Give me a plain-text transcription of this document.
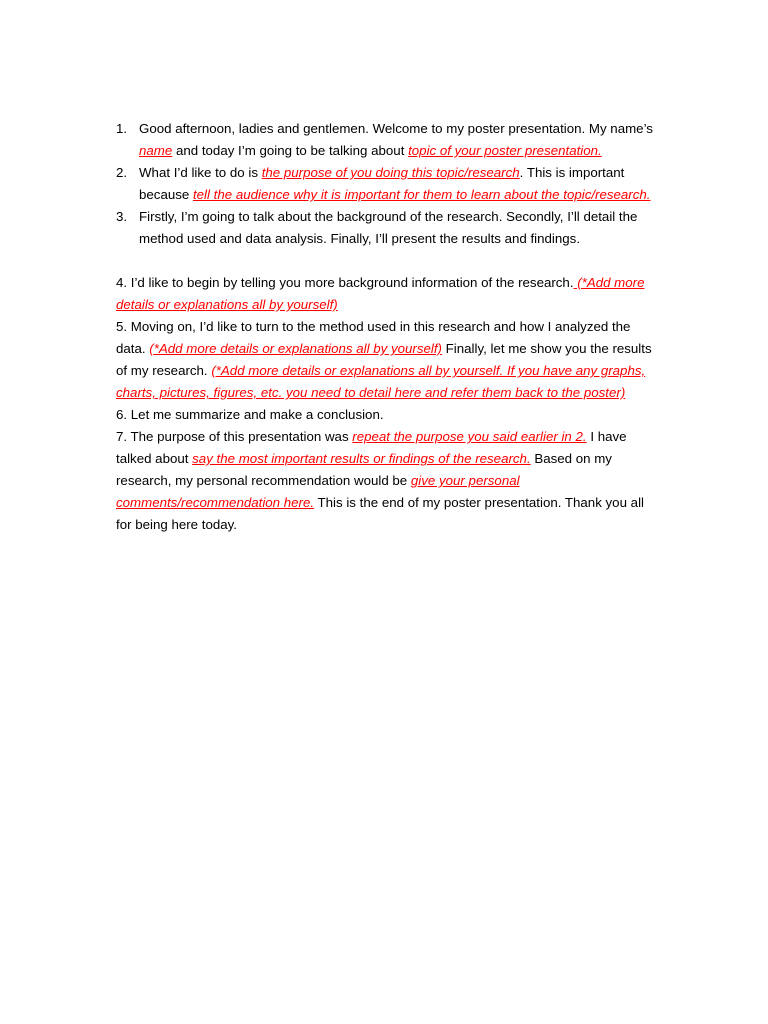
1. Good afternoon, ladies and gentlemen. Welcome to my poster presentation. My name’s name and today I’m going to be talking about topic of your poster presentation.
2. What I’d like to do is the purpose of you doing this topic/research. This is important because tell the audience why it is important for them to learn about the topic/research.
3. Firstly, I’m going to talk about the background of the research. Secondly, I’ll detail the method used and data analysis. Finally, I’ll present the results and findings.

4. I’d like to begin by telling you more background information of the research. (*Add more details or explanations all by yourself)

5. Moving on, I’d like to turn to the method used in this research and how I analyzed the data. (*Add more details or explanations all by yourself) Finally, let me show you the results of my research. (*Add more details or explanations all by yourself. If you have any graphs, charts, pictures, figures, etc. you need to detail here and refer them back to the poster)

6. Let me summarize and make a conclusion.

7. The purpose of this presentation was repeat the purpose you said earlier in 2. I have talked about say the most important results or findings of the research. Based on my research, my personal recommendation would be give your personal comments/recommendation here. This is the end of my poster presentation. Thank you all for being here today.
